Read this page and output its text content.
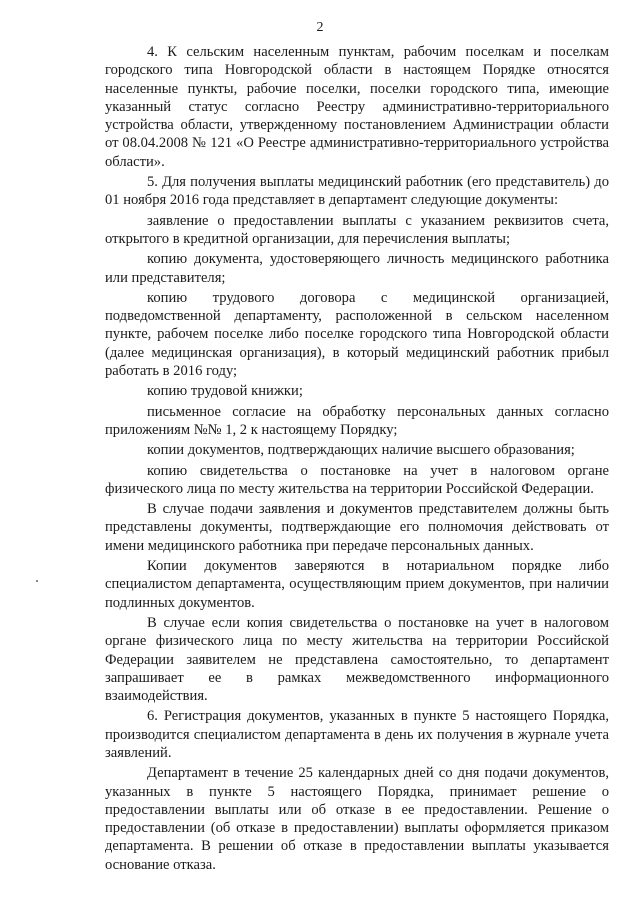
2

4. К сельским населенным пунктам, рабочим поселкам и поселкам городского типа Новгородской области в настоящем Порядке относятся населенные пункты, рабочие поселки, поселки городского типа, имеющие указанный статус согласно Реестру административно-территориального устройства области, утвержденному постановлением Администрации области от 08.04.2008 № 121 «О Реестре административно-территориального устройства области».

5. Для получения выплаты медицинский работник (его представитель) до 01 ноября 2016 года представляет в департамент следующие документы:

заявление о предоставлении выплаты с указанием реквизитов счета, открытого в кредитной организации, для перечисления выплаты;

копию документа, удостоверяющего личность медицинского работника или представителя;

копию трудового договора с медицинской организацией, подведомственной департаменту, расположенной в сельском населенном пункте, рабочем поселке либо поселке городского типа Новгородской области (далее медицинская организация), в который медицинский работник прибыл работать в 2016 году;

копию трудовой книжки;

письменное согласие на обработку персональных данных согласно приложениям №№ 1, 2 к настоящему Порядку;

копии документов, подтверждающих наличие высшего образования;

копию свидетельства о постановке на учет в налоговом органе физического лица по месту жительства на территории Российской Федерации.

В случае подачи заявления и документов представителем должны быть представлены документы, подтверждающие его полномочия действовать от имени медицинского работника при передаче персональных данных.

Копии документов заверяются в нотариальном порядке либо специалистом департамента, осуществляющим прием документов, при наличии подлинных документов.

В случае если копия свидетельства о постановке на учет в налоговом органе физического лица по месту жительства на территории Российской Федерации заявителем не представлена самостоятельно, то департамент запрашивает ее в рамках межведомственного информационного взаимодействия.

6. Регистрация документов, указанных в пункте 5 настоящего Порядка, производится специалистом департамента в день их получения в журнале учета заявлений.

Департамент в течение 25 календарных дней со дня подачи документов, указанных в пункте 5 настоящего Порядка, принимает решение о предоставлении выплаты или об отказе в ее предоставлении. Решение о предоставлении (об отказе в предоставлении) выплаты оформляется приказом департамента. В решении об отказе в предоставлении выплаты указывается основание отказа.
